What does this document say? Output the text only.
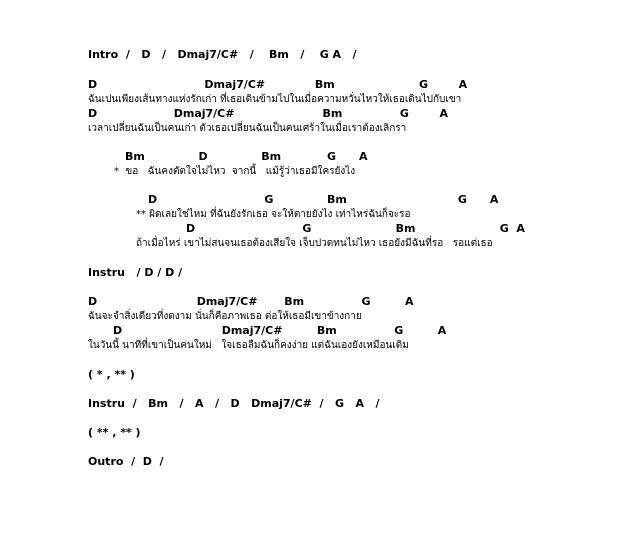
Intro  /   D   /   Dmaj7/C#   /    Bm   /    G A   /
D                            Dmaj7/C#             Bm                      G        A
ฉันเปนเพียงเส้นทางแห่งรักเก่า ที่เธอเดินข้ามไปในเมื่อความหวั่นไหวให้เธอเดินไปกับเขา
D                    Dmaj7/C#                       Bm               G        A
เวลาเปลี่ยนฉันเป็นคนเก่า ตัวเธอเปลี่ยนฉันเป็นคนเศร้าในเมื่อเราต้องเลิกรา
Bm              D              Bm            G      A
*  ขอ   ฉันคงตัดใจไม่ไหว  จากนี้   แม้รู้ว่าเธอมีใครยังไง
D                            G              Bm                             G      A
** ผิดเลยใช่ไหม ที่ฉันยังรักเธอ จะให้ตายยังไง เท่าไหร่ฉันก็จะรอ
D                            G                      Bm                      G  A
ถ้าเมื่อไหร่ เขาไม่สนจนเธอต้องเสียใจ เจ็บปวดทนไม่ไหว เธอยังมีฉันที่รอ   รอแต่เธอ
Instru   / D / D /
D                          Dmaj7/C#       Bm               G         A
ฉันจะจำสิ่งเดียวที่งดงาม นั่นก็คือภาพเธอ ต่อให้เธอมีเขาข้างกาย
D                          Dmaj7/C#         Bm               G         A
ในวันนี้ นาทีที่เขาเป็นคนใหม่   ใจเธอลืมฉันก็คงง่าย แต่ฉันเองยังเหมือนเดิม
( * , ** )
Instru  /   Bm   /   A   /   D   Dmaj7/C#  /   G   A   /
( ** , ** )
Outro  /  D  /
